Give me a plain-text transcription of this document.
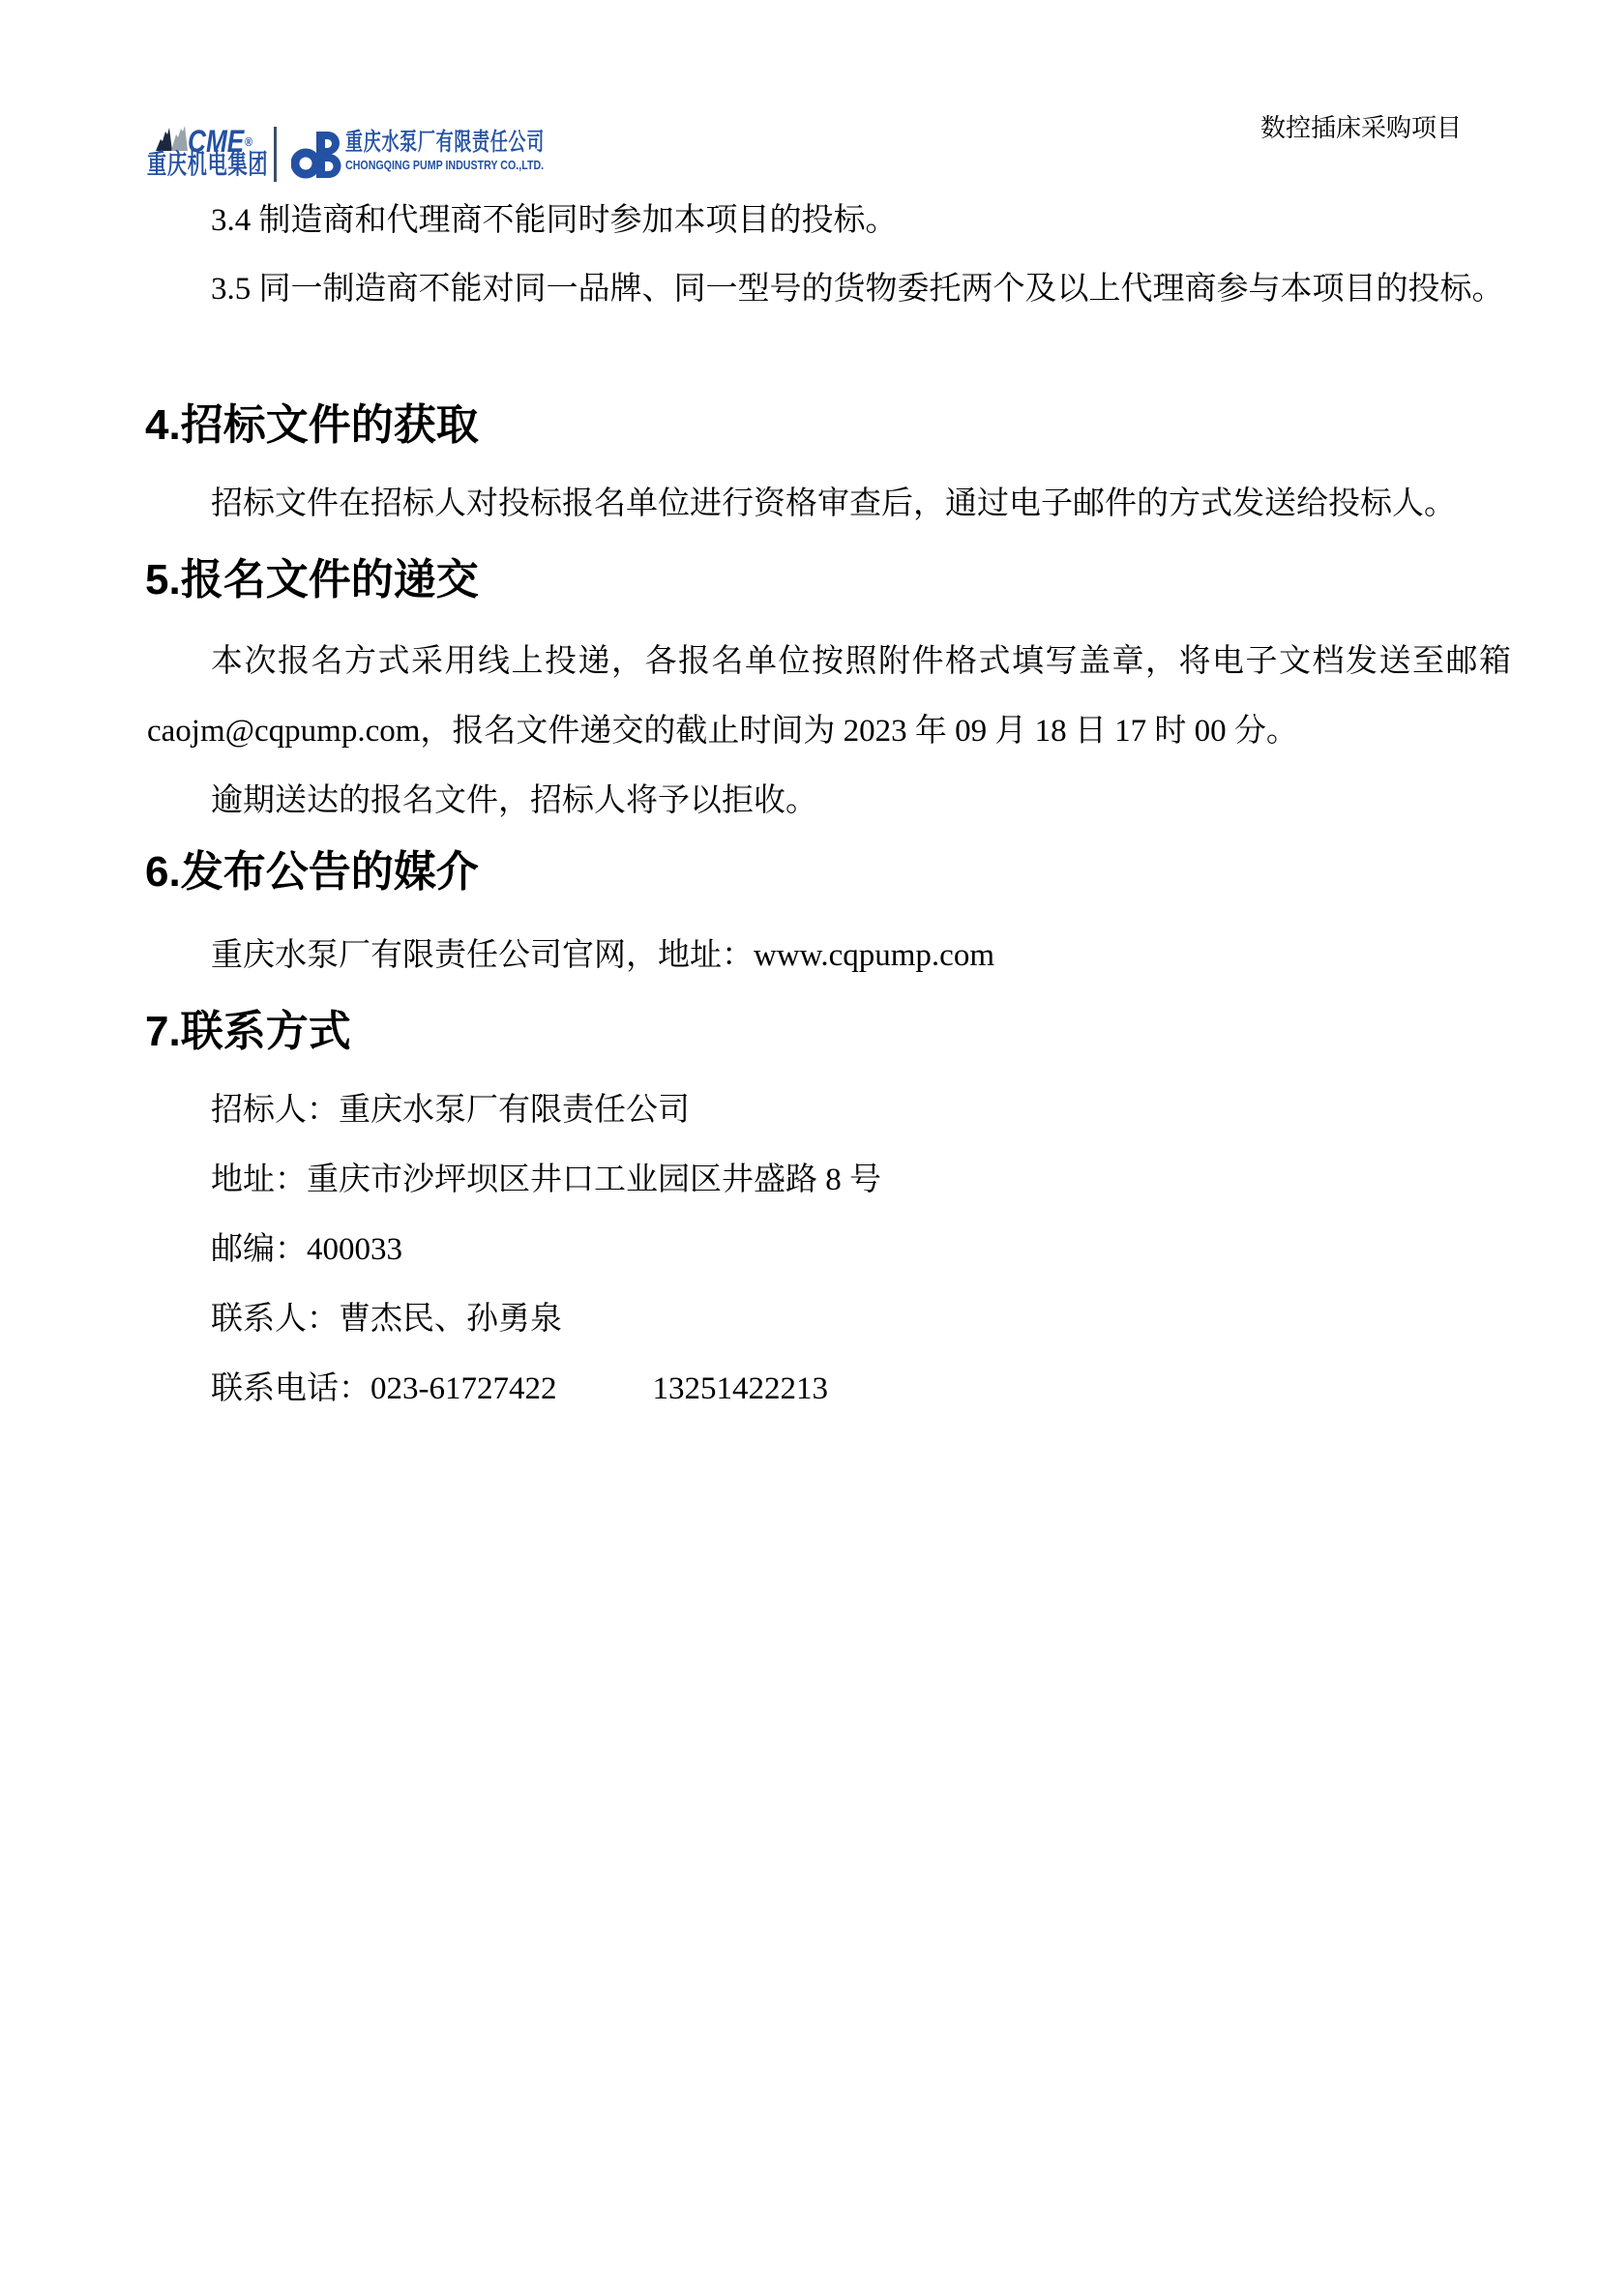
CME®
重庆机电集团
重庆水泵厂有限责任公司
CHONGQING PUMP INDUSTRY CO.,LTD.
数控插床采购项目

3.4 制造商和代理商不能同时参加本项目的投标。

3.5 同一制造商不能对同一品牌、同一型号的货物委托两个及以上代理商参与本项目的投标。

4.招标文件的获取

招标文件在招标人对投标报名单位进行资格审查后，通过电子邮件的方式发送给投标人。

5.报名文件的递交

本次报名方式采用线上投递，各报名单位按照附件格式填写盖章，将电子文档发送至邮箱caojm@cqpump.com，报名文件递交的截止时间为 2023 年 09 月 18 日 17 时 00 分。

逾期送达的报名文件，招标人将予以拒收。

6.发布公告的媒介

重庆水泵厂有限责任公司官网，地址：www.cqpump.com

7.联系方式

招标人：重庆水泵厂有限责任公司

地址：重庆市沙坪坝区井口工业园区井盛路 8 号

邮编：400033

联系人：曹杰民、孙勇泉

联系电话：023-61727422            13251422213
